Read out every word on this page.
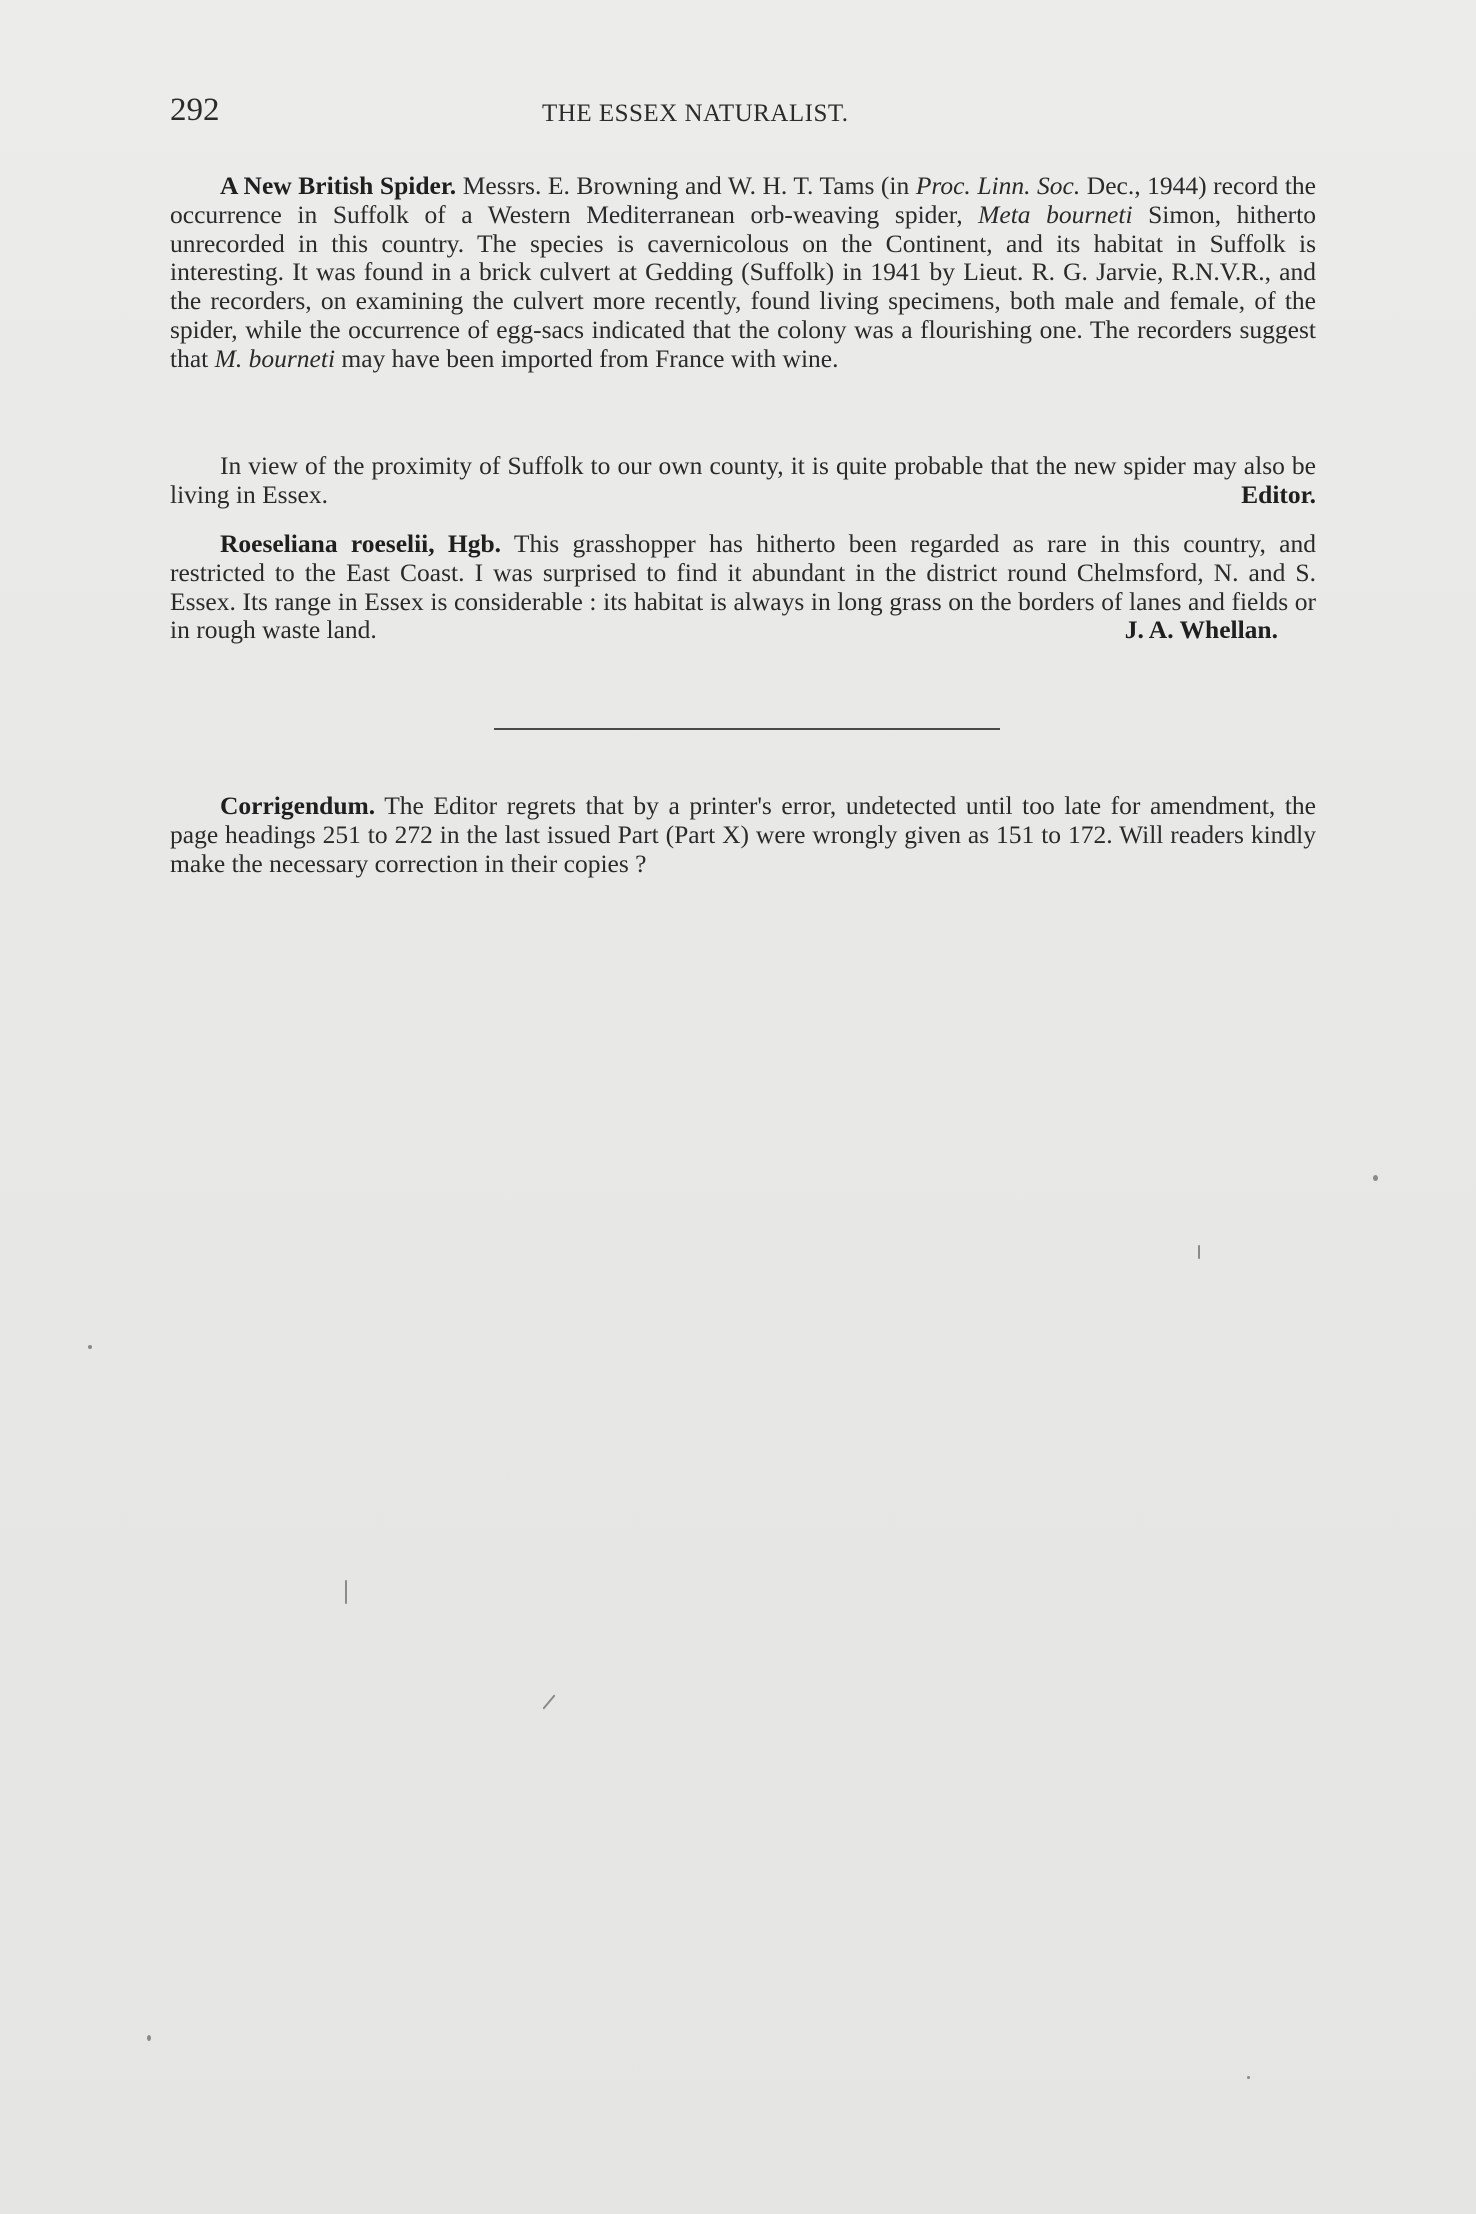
292	THE ESSEX NATURALIST.

A New British Spider. Messrs. E. Browning and W. H. T. Tams (in Proc. Linn. Soc. Dec., 1944) record the occurrence in Suffolk of a Western Mediterranean orb-weaving spider, Meta bourneti Simon, hitherto unrecorded in this country. The species is cavernicolous on the Continent, and its habitat in Suffolk is interesting. It was found in a brick culvert at Gedding (Suffolk) in 1941 by Lieut. R. G. Jarvie, R.N.V.R., and the recorders, on examining the culvert more recently, found living specimens, both male and female, of the spider, while the occurrence of egg-sacs indicated that the colony was a flourishing one. The recorders suggest that M. bourneti may have been imported from France with wine.

In view of the proximity of Suffolk to our own county, it is quite probable that the new spider may also be living in Essex.	Editor.

Roeseliana roeselii, Hgb. This grasshopper has hitherto been regarded as rare in this country, and restricted to the East Coast. I was surprised to find it abundant in the district round Chelmsford, N. and S. Essex. Its range in Essex is considerable : its habitat is always in long grass on the borders of lanes and fields or in rough waste land.	J. A. Whellan.

Corrigendum. The Editor regrets that by a printer's error, undetected until too late for amendment, the page headings 251 to 272 in the last issued Part (Part X) were wrongly given as 151 to 172. Will readers kindly make the necessary correction in their copies ?
